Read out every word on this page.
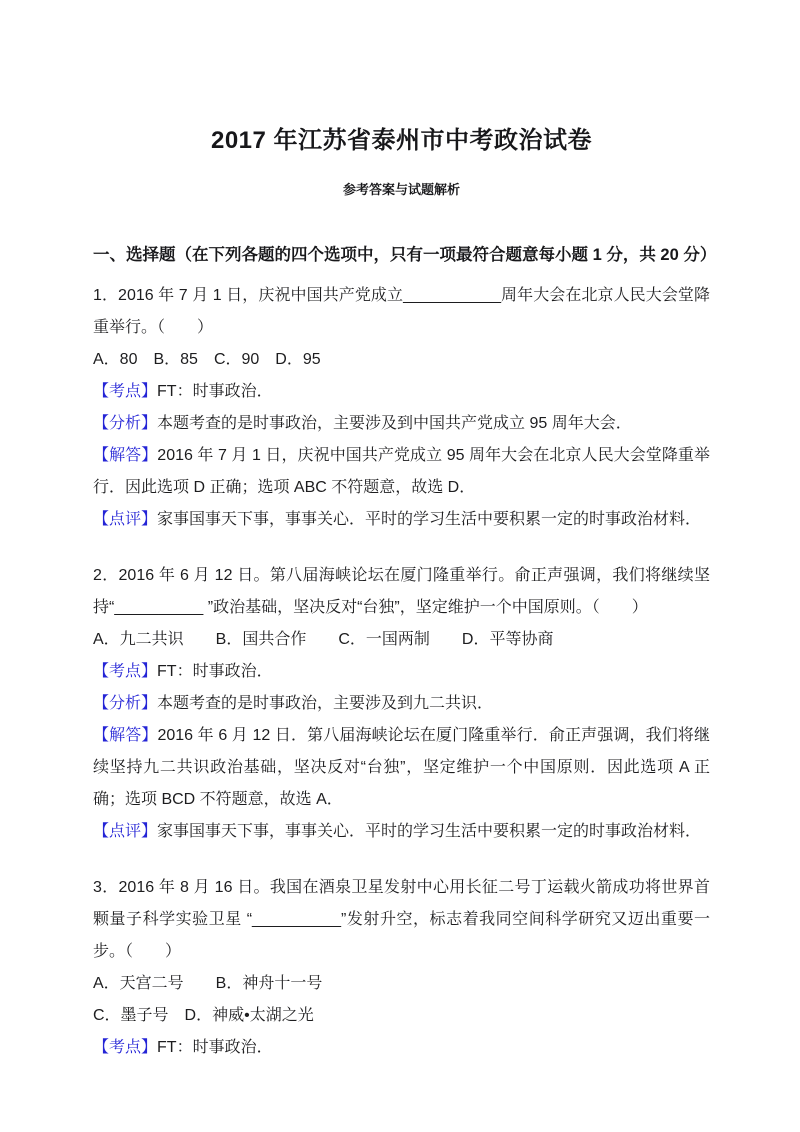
2017 年江苏省泰州市中考政治试卷
参考答案与试题解析
一、选择题（在下列各题的四个选项中，只有一项最符合题意每小题 1 分，共 20 分）

1．2016 年 7 月 1 日，庆祝中国共产党成立___________周年大会在北京人民大会堂降重举行。（　　）

A．80　B．85　C．90　D．95

【考点】FT：时事政治．

【分析】本题考查的是时事政治，主要涉及到中国共产党成立 95 周年大会．

【解答】2016 年 7 月 1 日，庆祝中国共产党成立 95 周年大会在北京人民大会堂降重举行．因此选项 D 正确；选项 ABC 不符题意，故选 D．

【点评】家事国事天下事，事事关心．平时的学习生活中要积累一定的时事政治材料．

2．2016 年 6 月 12 日。第八届海峡论坛在厦门隆重举行。俞正声强调，我们将继续坚持“__________ ”政治基础，坚决反对“台独”，坚定维护一个中国原则。（　　）

A．九二共识　　B．国共合作　　C．一国两制　　D．平等协商

【考点】FT：时事政治．

【分析】本题考查的是时事政治，主要涉及到九二共识．

【解答】2016 年 6 月 12 日．第八届海峡论坛在厦门隆重举行．俞正声强调，我们将继续坚持九二共识政治基础，坚决反对“台独”，坚定维护一个中国原则．因此选项 A 正确；选项 BCD 不符题意，故选 A．

【点评】家事国事天下事，事事关心．平时的学习生活中要积累一定的时事政治材料．

3．2016 年 8 月 16 日。我国在酒泉卫星发射中心用长征二号丁运载火箭成功将世界首颗量子科学实验卫星 “__________”发射升空，标志着我同空间科学研究又迈出重要一步。（　　）

A．天宫二号　　B．神舟十一号

C．墨子号　D．神威•太湖之光

【考点】FT：时事政治．
